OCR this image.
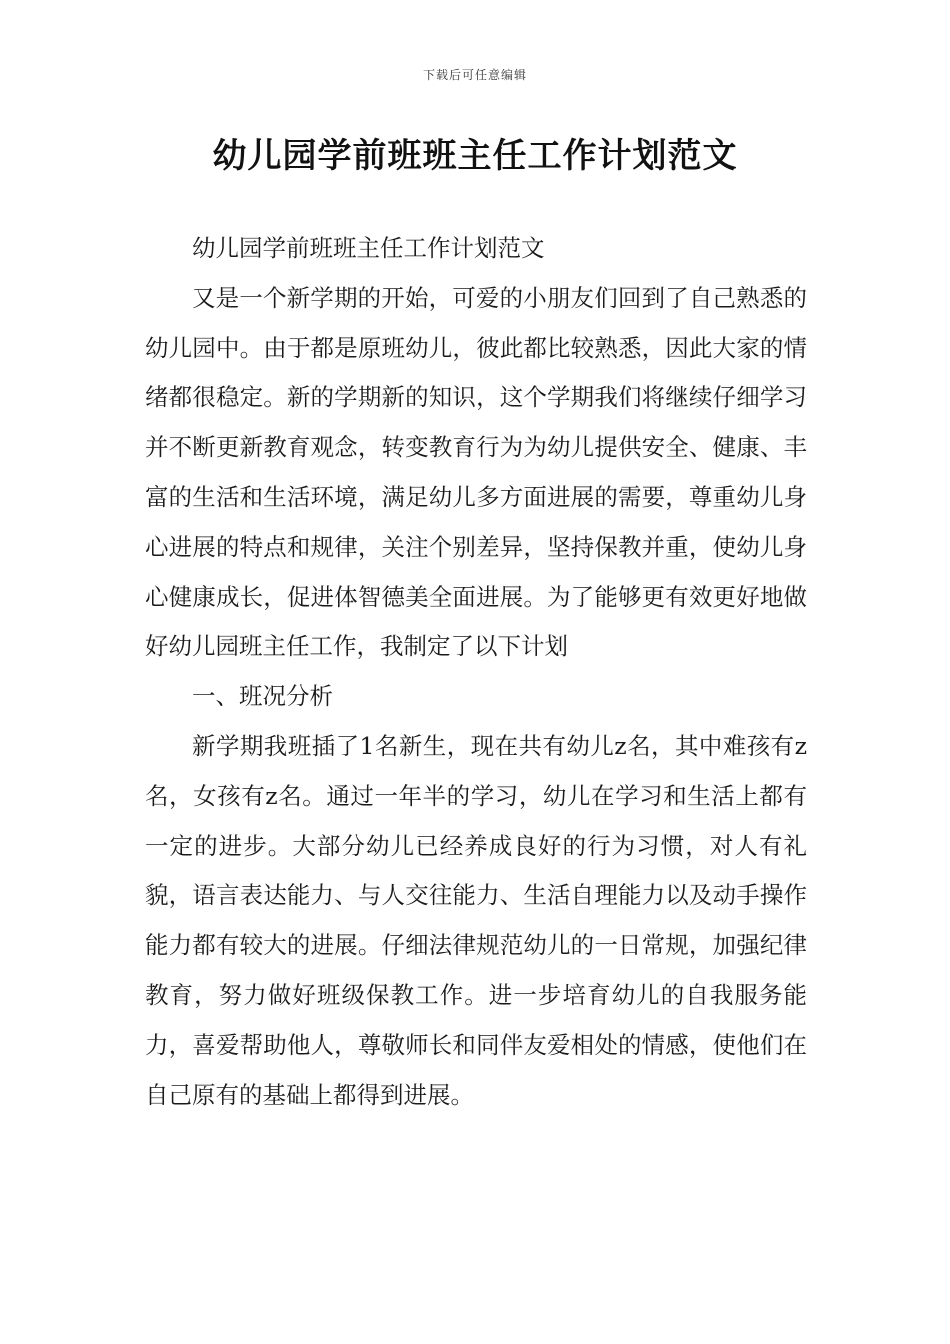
下载后可任意编辑
幼儿园学前班班主任工作计划范文

幼儿园学前班班主任工作计划范文

又是一个新学期的开始，可爱的小朋友们回到了自己熟悉的幼儿园中。由于都是原班幼儿，彼此都比较熟悉，因此大家的情绪都很稳定。新的学期新的知识，这个学期我们将继续仔细学习并不断更新教育观念，转变教育行为为幼儿提供安全、健康、丰富的生活和生活环境，满足幼儿多方面进展的需要，尊重幼儿身心进展的特点和规律，关注个别差异，坚持保教并重，使幼儿身心健康成长，促进体智德美全面进展。为了能够更有效更好地做好幼儿园班主任工作，我制定了以下计划

一、班况分析

新学期我班插了1名新生，现在共有幼儿z名，其中难孩有z名，女孩有z名。通过一年半的学习，幼儿在学习和生活上都有一定的进步。大部分幼儿已经养成良好的行为习惯，对人有礼貌，语言表达能力、与人交往能力、生活自理能力以及动手操作能力都有较大的进展。仔细法律规范幼儿的一日常规，加强纪律教育，努力做好班级保教工作。进一步培育幼儿的自我服务能力，喜爱帮助他人，尊敬师长和同伴友爱相处的情感，使他们在自己原有的基础上都得到进展。
